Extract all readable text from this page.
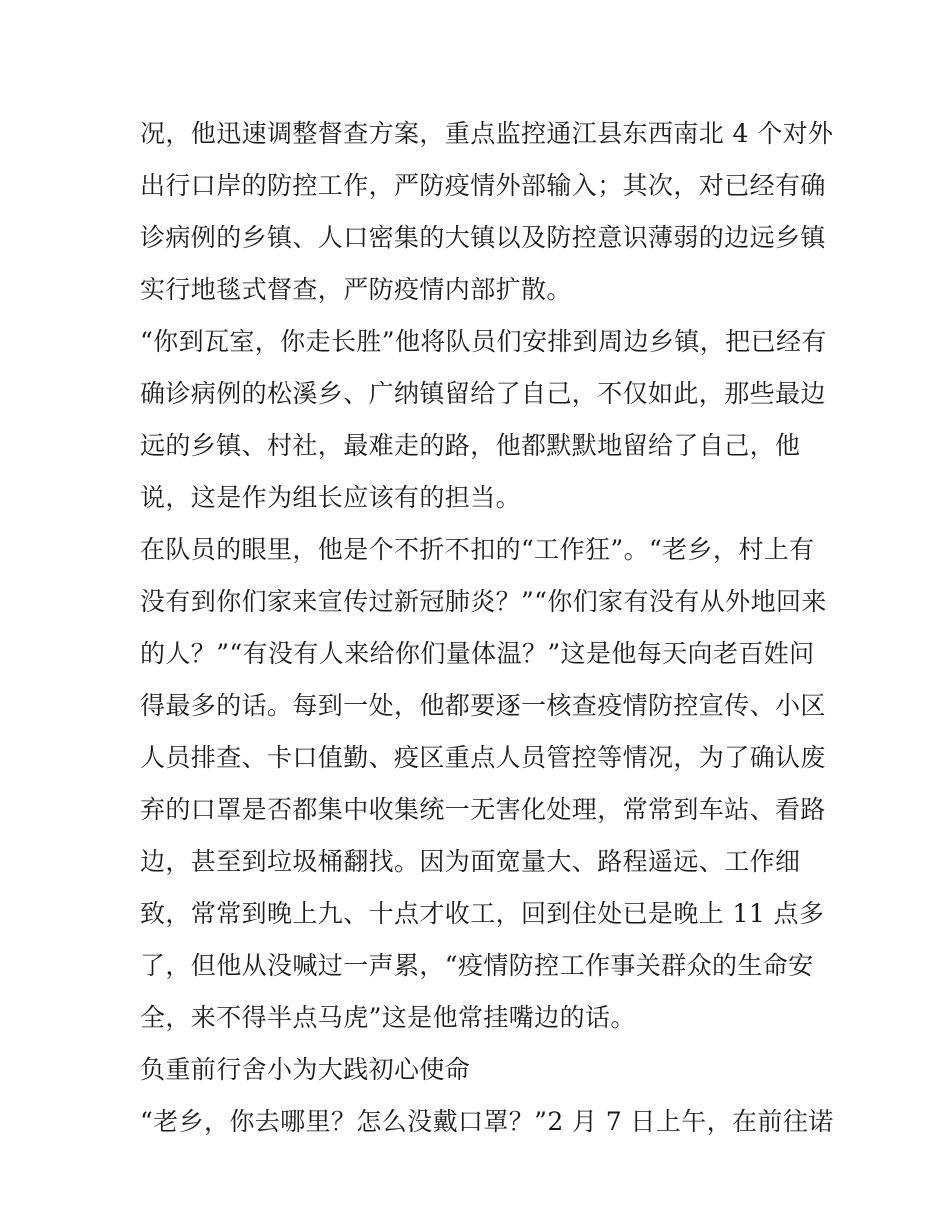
况，他迅速调整督查方案，重点监控通江县东西南北 4 个对外
出行口岸的防控工作，严防疫情外部输入；其次，对已经有确
诊病例的乡镇、人口密集的大镇以及防控意识薄弱的边远乡镇
实行地毯式督查，严防疫情内部扩散。
“你到瓦室，你走长胜”他将队员们安排到周边乡镇，把已经有
确诊病例的松溪乡、广纳镇留给了自己，不仅如此，那些最边
远的乡镇、村社，最难走的路，他都默默地留给了自己，他
说，这是作为组长应该有的担当。
在队员的眼里，他是个不折不扣的“工作狂”。“老乡，村上有
没有到你们家来宣传过新冠肺炎？”“你们家有没有从外地回来
的人？”“有没有人来给你们量体温？”这是他每天向老百姓问
得最多的话。每到一处，他都要逐一核查疫情防控宣传、小区
人员排查、卡口值勤、疫区重点人员管控等情况，为了确认废
弃的口罩是否都集中收集统一无害化处理，常常到车站、看路
边，甚至到垃圾桶翻找。因为面宽量大、路程遥远、工作细
致，常常到晚上九、十点才收工，回到住处已是晚上 11 点多
了，但他从没喊过一声累，“疫情防控工作事关群众的生命安
全，来不得半点马虎”这是他常挂嘴边的话。
负重前行舍小为大践初心使命
“老乡，你去哪里？怎么没戴口罩？”2 月 7 日上午，在前往诺
